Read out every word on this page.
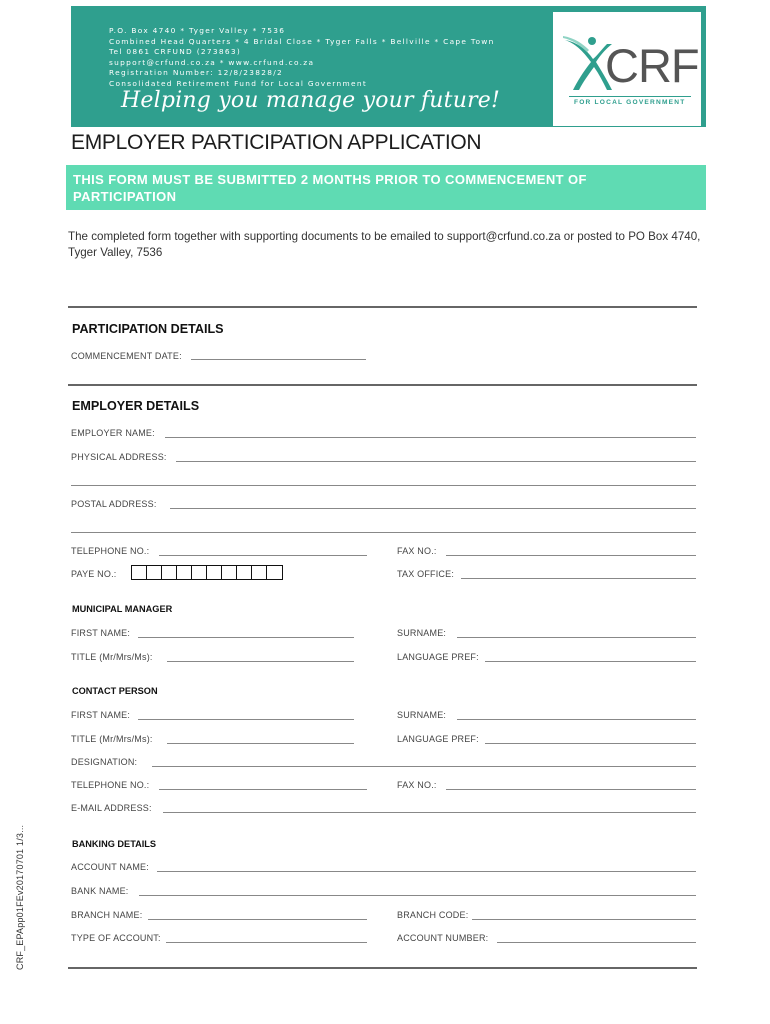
P.O. Box 4740 * Tyger Valley * 7536
Combined Head Quarters * 4 Bridal Close * Tyger Falls * Bellville * Cape Town
Tel 0861 CRFUND (273863)
support@crfund.co.za * www.crfund.co.za
Registration Number: 12/8/23828/2
Consolidated Retirement Fund for Local Government
Helping you manage your future!
CRF
FOR LOCAL GOVERNMENT
EMPLOYER PARTICIPATION APPLICATION
THIS FORM MUST BE SUBMITTED 2 MONTHS PRIOR TO COMMENCEMENT OF PARTICIPATION
The completed form together with supporting documents to be emailed to support@crfund.co.za or posted to PO Box 4740, Tyger Valley, 7536
PARTICIPATION DETAILS
COMMENCEMENT DATE:
EMPLOYER DETAILS
EMPLOYER NAME:
PHYSICAL ADDRESS:
POSTAL ADDRESS:
TELEPHONE NO.:	FAX NO.:
PAYE NO.:	TAX OFFICE:
MUNICIPAL MANAGER
FIRST NAME:	SURNAME:
TITLE (Mr/Mrs/Ms):	LANGUAGE PREF:
CONTACT PERSON
FIRST NAME:	SURNAME:
TITLE (Mr/Mrs/Ms):	LANGUAGE PREF:
DESIGNATION:
TELEPHONE NO.:	FAX NO.:
E-MAIL ADDRESS:
BANKING DETAILS
ACCOUNT NAME:
BANK NAME:
BRANCH NAME:	BRANCH CODE:
TYPE OF ACCOUNT:	ACCOUNT NUMBER:
CRF_EPApp01FEv20170701 1/3...
